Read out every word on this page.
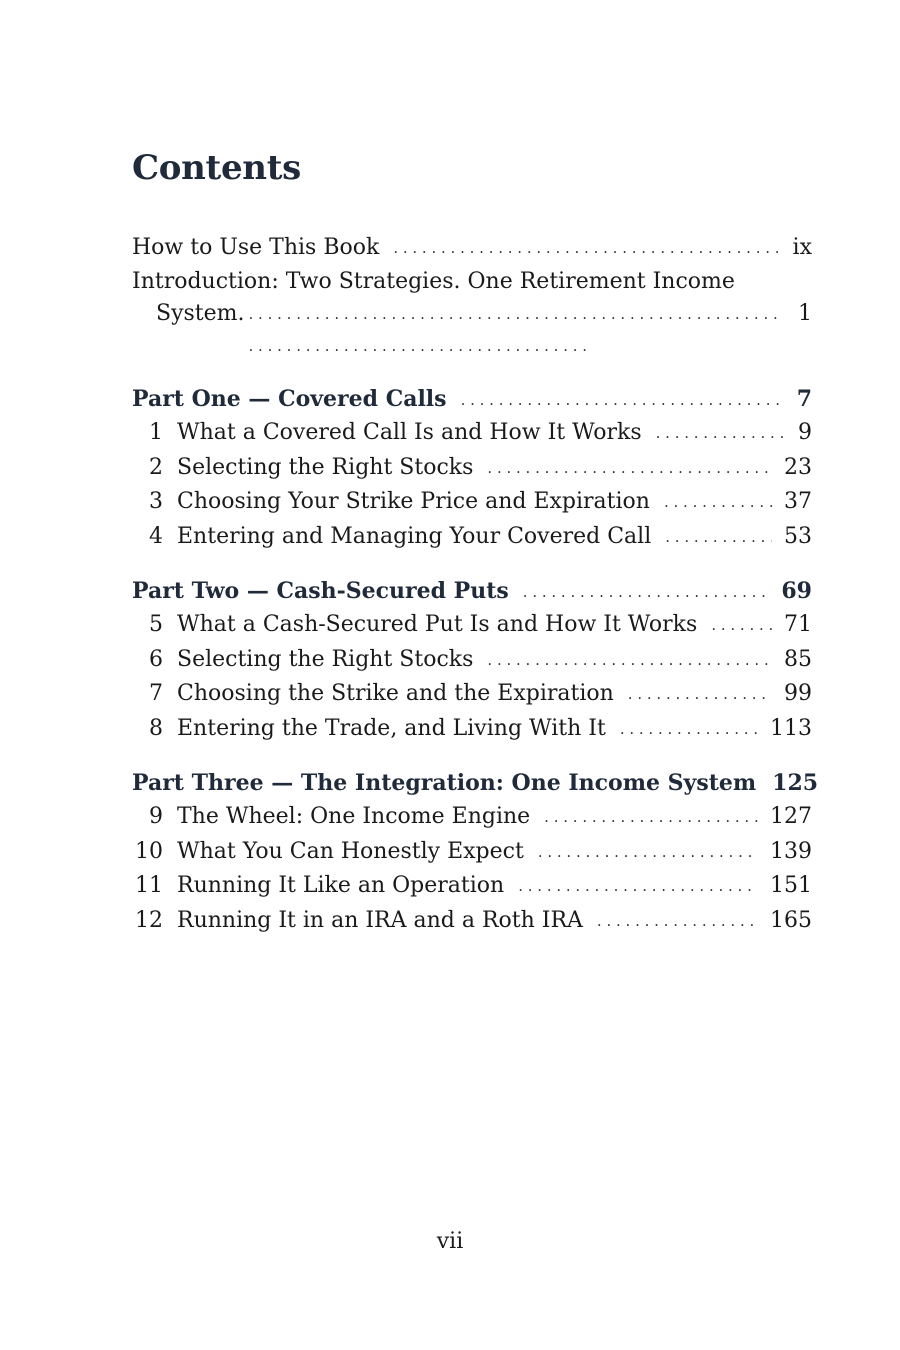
Contents
How to Use This Book . . .	ix
Introduction: Two Strategies. One Retirement Income
System. . . .	1
Part One — Covered Calls . . .	7
1 What a Covered Call Is and How It Works . . .	9
2 Selecting the Right Stocks . . .	23
3 Choosing Your Strike Price and Expiration . . .	37
4 Entering and Managing Your Covered Call . . .	53
Part Two — Cash-Secured Puts . . .	69
5 What a Cash-Secured Put Is and How It Works . . .	71
6 Selecting the Right Stocks . . .	85
7 Choosing the Strike and the Expiration . . .	99
8 Entering the Trade, and Living With It . . .	113
Part Three — The Integration: One Income System 125
9 The Wheel: One Income Engine . . .	127
10 What You Can Honestly Expect . . .	139
11 Running It Like an Operation . . .	151
12 Running It in an IRA and a Roth IRA . . .	165
vii
